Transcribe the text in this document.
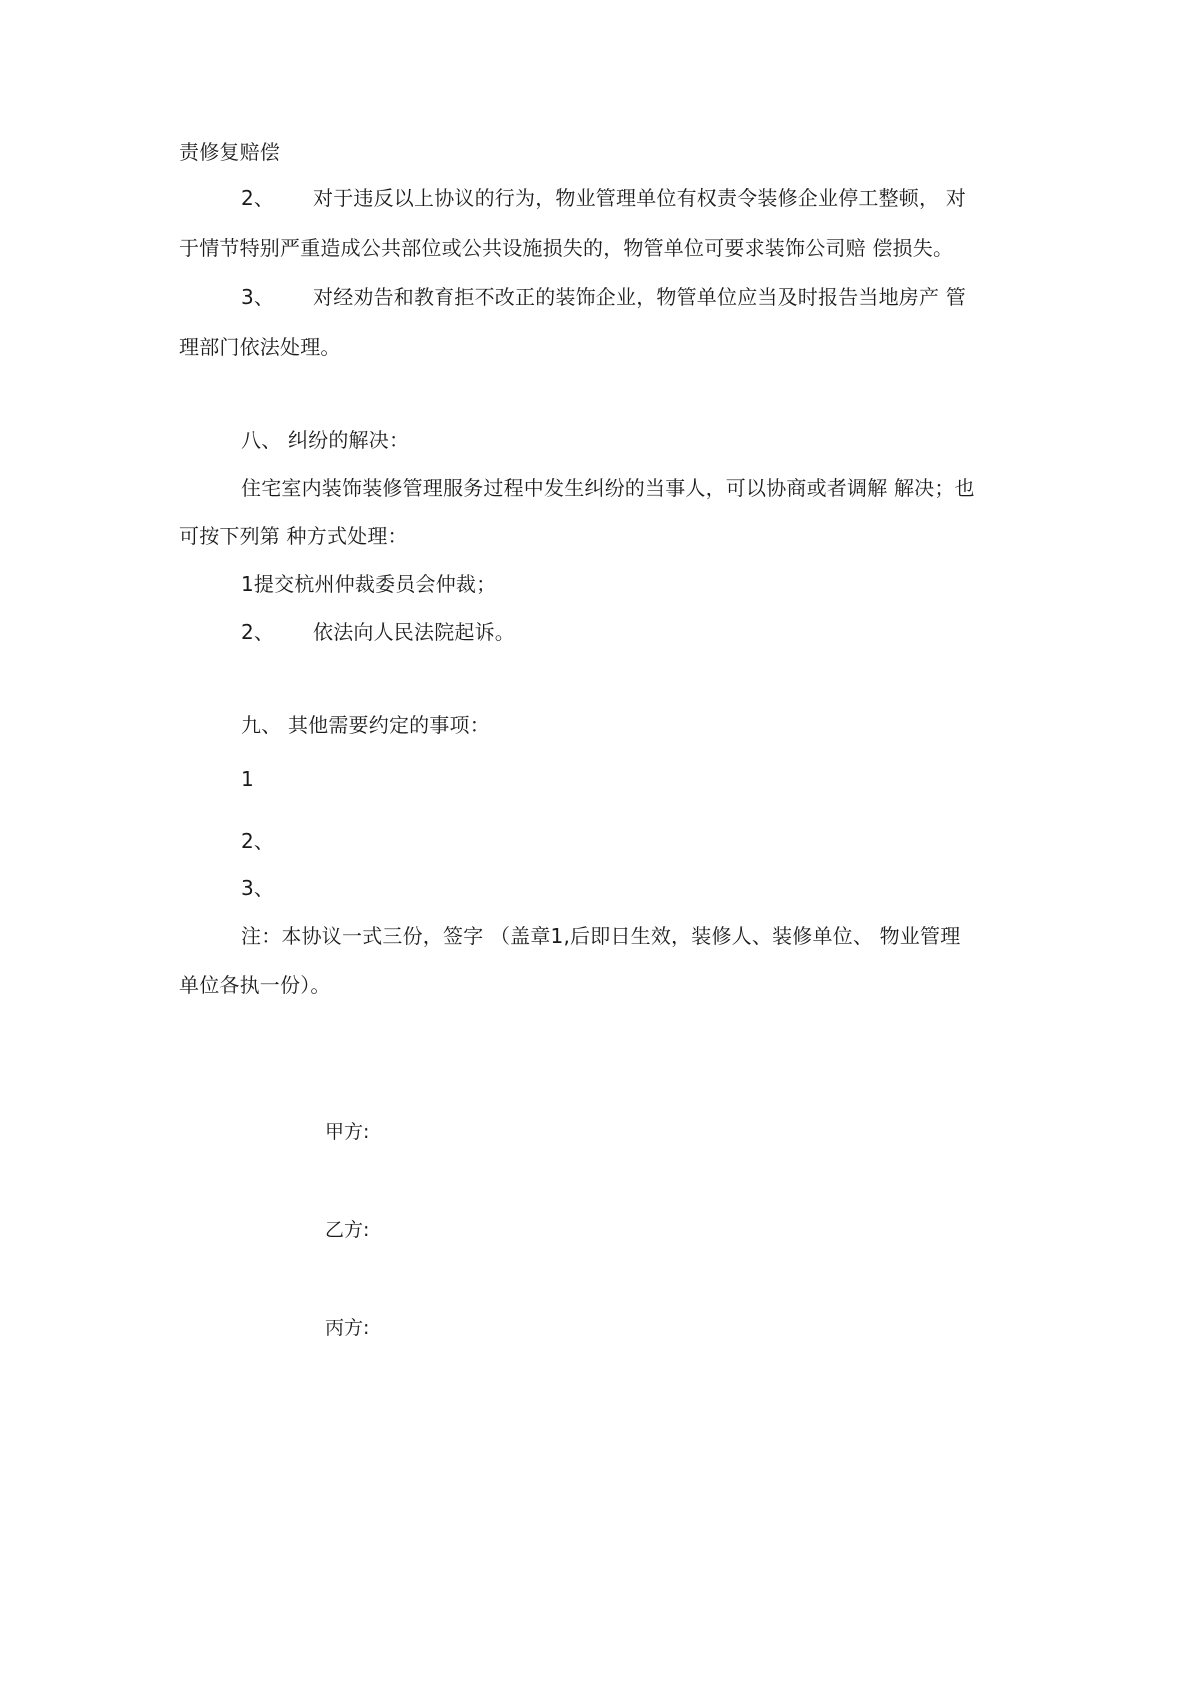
责修复赔偿
2、 对于违反以上协议的行为，物业管理单位有权责令装修企业停工整顿， 对
于情节特别严重造成公共部位或公共设施损失的，物管单位可要求装饰公司赔 偿损失。
3、 对经劝告和教育拒不改正的装饰企业，物管单位应当及时报告当地房产 管
理部门依法处理。
八、 纠纷的解决：
住宅室内装饰装修管理服务过程中发生纠纷的当事人，可以协商或者调解 解决；也
可按下列第 种方式处理：
1提交杭州仲裁委员会仲裁；
2、 依法向人民法院起诉。
九、 其他需要约定的事项：
1
2、
3、
注：本协议一式三份，签字 （盖章1,后即日生效，装修人、装修单位、 物业管理
单位各执一份）。
甲方:
乙方:
丙方:
